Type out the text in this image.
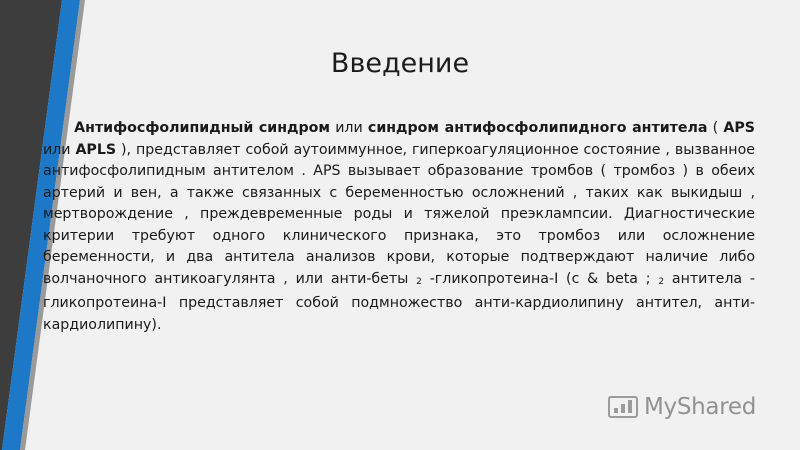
Введение
Антифосфолипидный синдром или синдром антифосфолипидного антитела ( APS или APLS ), представляет собой аутоиммунное, гиперкоагуляционное состояние , вызванное антифосфолипидным антителом . APS вызывает образование тромбов ( тромбоз ) в обеих артерий и вен, а также связанных с беременностью осложнений , таких как выкидыш , мертворождение , преждевременные роды и тяжелой преэклампсии. Диагностические критерии требуют одного клинического признака, это тромбоз или осложнение беременности, и два антитела анализов крови, которые подтверждают наличие либо волчаночного антикоагулянта , или анти-беты 2 -гликопротеина-I (с & beta ; 2 антитела - гликопротеина-I представляет собой подмножество анти-кардиолипину антител, анти-кардиолипину).
MyShared
